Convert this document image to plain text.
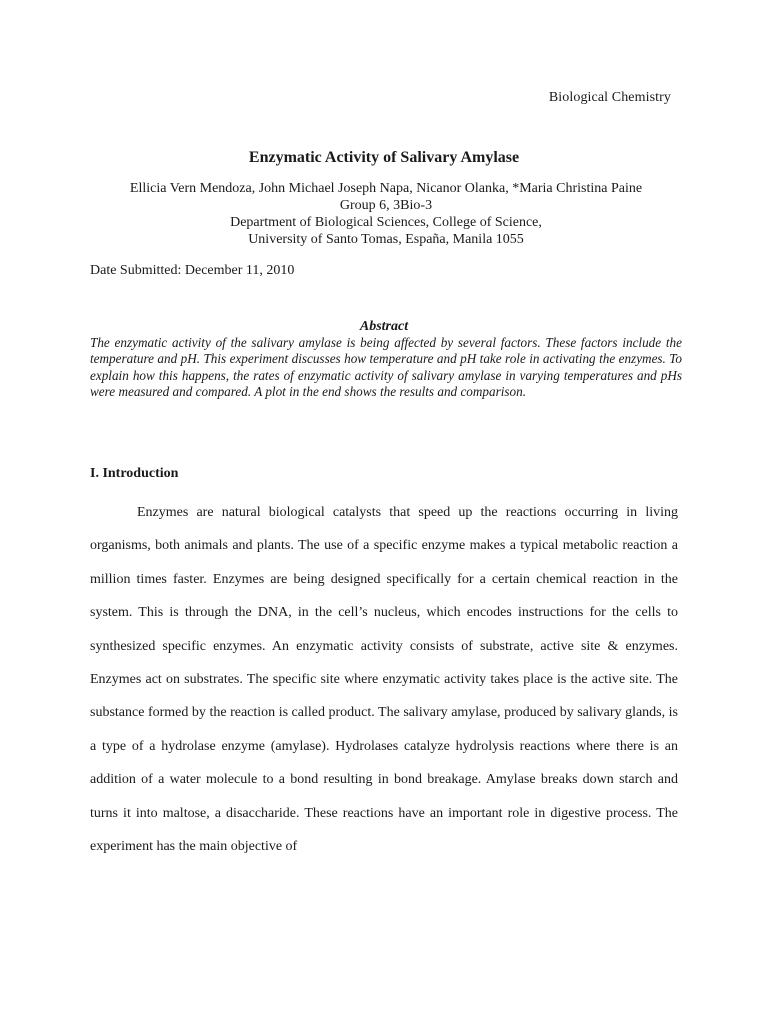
Biological Chemistry
Enzymatic Activity of Salivary Amylase
Ellicia Vern Mendoza, John Michael Joseph Napa, Nicanor Olanka, *Maria Christina Paine
Group 6, 3Bio-3
Department of Biological Sciences, College of Science,
University of Santo Tomas, España, Manila 1055
Date Submitted: December 11, 2010
Abstract
The enzymatic activity of the salivary amylase is being affected by several factors. These factors include the temperature and pH. This experiment discusses how temperature and pH take role in activating the enzymes. To explain how this happens, the rates of enzymatic activity of salivary amylase in varying temperatures and pHs were measured and compared. A plot in the end shows the results and comparison.
I. Introduction
Enzymes are natural biological catalysts that speed up the reactions occurring in living organisms, both animals and plants. The use of a specific enzyme makes a typical metabolic reaction a million times faster. Enzymes are being designed specifically for a certain chemical reaction in the system. This is through the DNA, in the cell’s nucleus, which encodes instructions for the cells to synthesized specific enzymes. An enzymatic activity consists of substrate, active site & enzymes. Enzymes act on substrates. The specific site where enzymatic activity takes place is the active site. The substance formed by the reaction is called product. The salivary amylase, produced by salivary glands, is a type of a hydrolase enzyme (amylase). Hydrolases catalyze hydrolysis reactions where there is an addition of a water molecule to a bond resulting in bond breakage. Amylase breaks down starch and turns it into maltose, a disaccharide. These reactions have an important role in digestive process. The experiment has the main objective of
